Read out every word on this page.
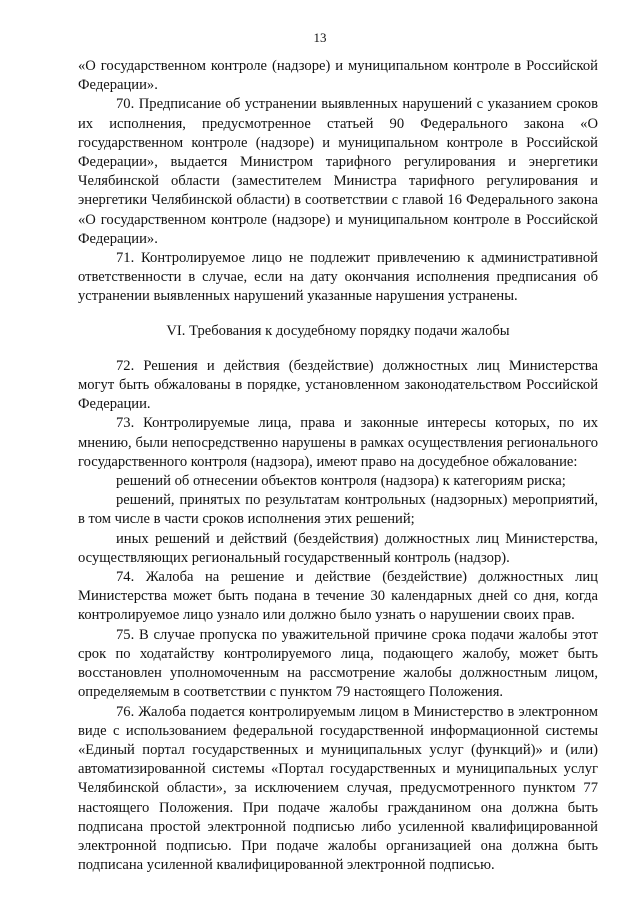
13

«О государственном контроле (надзоре) и муниципальном контроле в Российской Федерации».

70. Предписание об устранении выявленных нарушений с указанием сроков их исполнения, предусмотренное статьей 90 Федерального закона «О государственном контроле (надзоре) и муниципальном контроле в Российской Федерации», выдается Министром тарифного регулирования и энергетики Челябинской области (заместителем Министра тарифного регулирования и энергетики Челябинской области) в соответствии с главой 16 Федерального закона «О государственном контроле (надзоре) и муниципальном контроле в Российской Федерации».

71. Контролируемое лицо не подлежит привлечению к административной ответственности в случае, если на дату окончания исполнения предписания об устранении выявленных нарушений указанные нарушения устранены.

VI. Требования к досудебному порядку подачи жалобы

72. Решения и действия (бездействие) должностных лиц Министерства могут быть обжалованы в порядке, установленном законодательством Российской Федерации.

73. Контролируемые лица, права и законные интересы которых, по их мнению, были непосредственно нарушены в рамках осуществления регионального государственного контроля (надзора), имеют право на досудебное обжалование:

решений об отнесении объектов контроля (надзора) к категориям риска;

решений, принятых по результатам контрольных (надзорных) мероприятий, в том числе в части сроков исполнения этих решений;

иных решений и действий (бездействия) должностных лиц Министерства, осуществляющих региональный государственный контроль (надзор).

74. Жалоба на решение и действие (бездействие) должностных лиц Министерства может быть подана в течение 30 календарных дней со дня, когда контролируемое лицо узнало или должно было узнать о нарушении своих прав.

75. В случае пропуска по уважительной причине срока подачи жалобы этот срок по ходатайству контролируемого лица, подающего жалобу, может быть восстановлен уполномоченным на рассмотрение жалобы должностным лицом, определяемым в соответствии с пунктом 79 настоящего Положения.

76. Жалоба подается контролируемым лицом в Министерство в электронном виде с использованием федеральной государственной информационной системы «Единый портал государственных и муниципальных услуг (функций)» и (или) автоматизированной системы «Портал государственных и муниципальных услуг Челябинской области», за исключением случая, предусмотренного пунктом 77 настоящего Положения. При подаче жалобы гражданином она должна быть подписана простой электронной подписью либо усиленной квалифицированной электронной подписью. При подаче жалобы организацией она должна быть подписана усиленной квалифицированной электронной подписью.
